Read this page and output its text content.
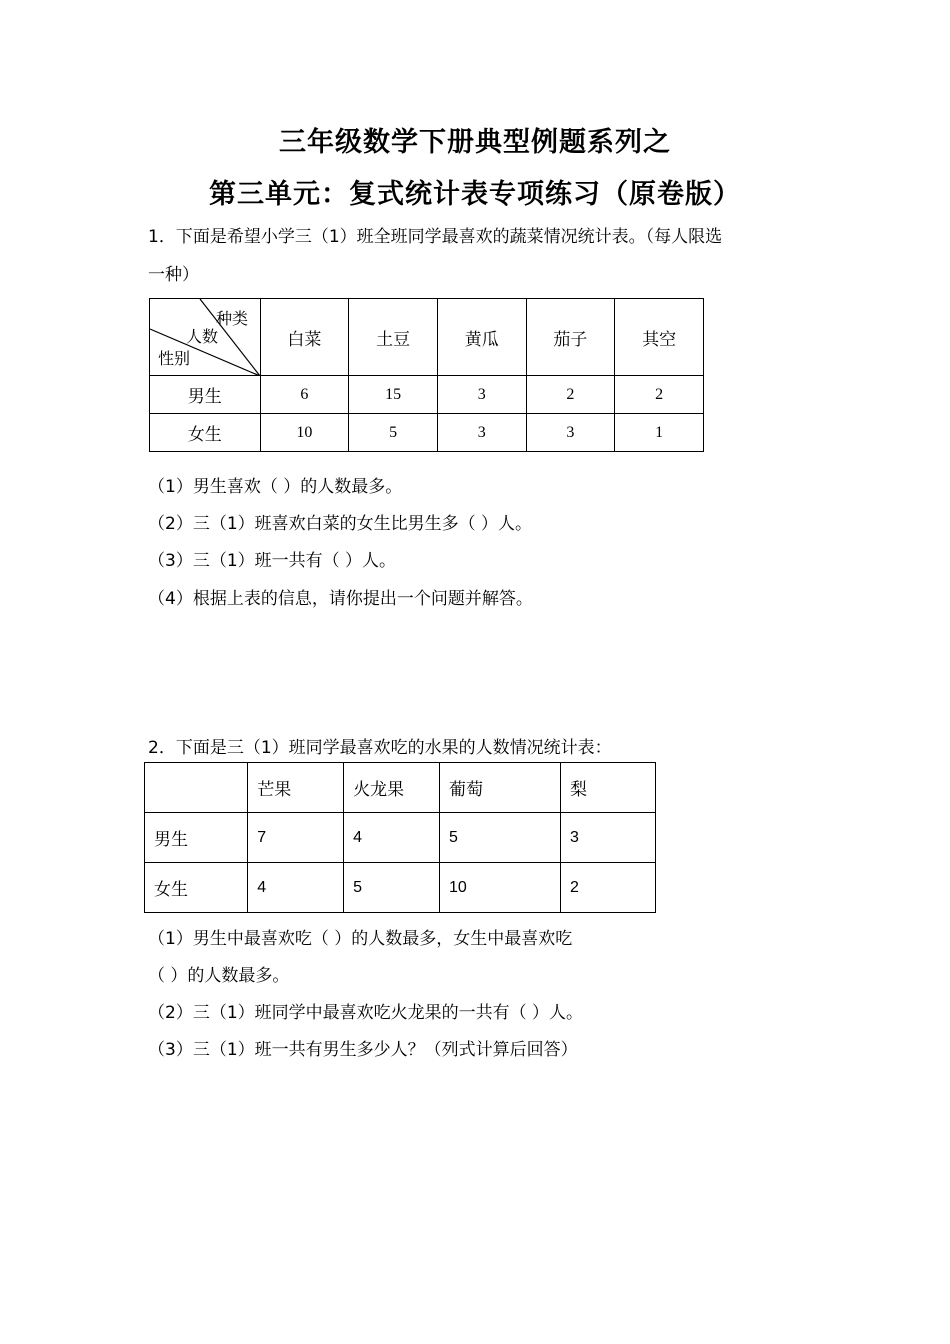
三年级数学下册典型例题系列之
第三单元：复式统计表专项练习（原卷版）
1．下面是希望小学三（1）班全班同学最喜欢的蔬菜情况统计表。（每人限选
一种）
种类
人数
性别	白菜	土豆	黄瓜	茄子	其空
男生	6	15	3	2	2
女生	10	5	3	3	1
（1）男生喜欢（ ）的人数最多。
（2）三（1）班喜欢白菜的女生比男生多（ ）人。
（3）三（1）班一共有（ ）人。
（4）根据上表的信息，请你提出一个问题并解答。
2．下面是三（1）班同学最喜欢吃的水果的人数情况统计表：
	芒果	火龙果	葡萄	梨
男生	7	4	5	3
女生	4	5	10	2
（1）男生中最喜欢吃（ ）的人数最多，女生中最喜欢吃
（ ）的人数最多。
（2）三（1）班同学中最喜欢吃火龙果的一共有（ ）人。
（3）三（1）班一共有男生多少人？（列式计算后回答）
